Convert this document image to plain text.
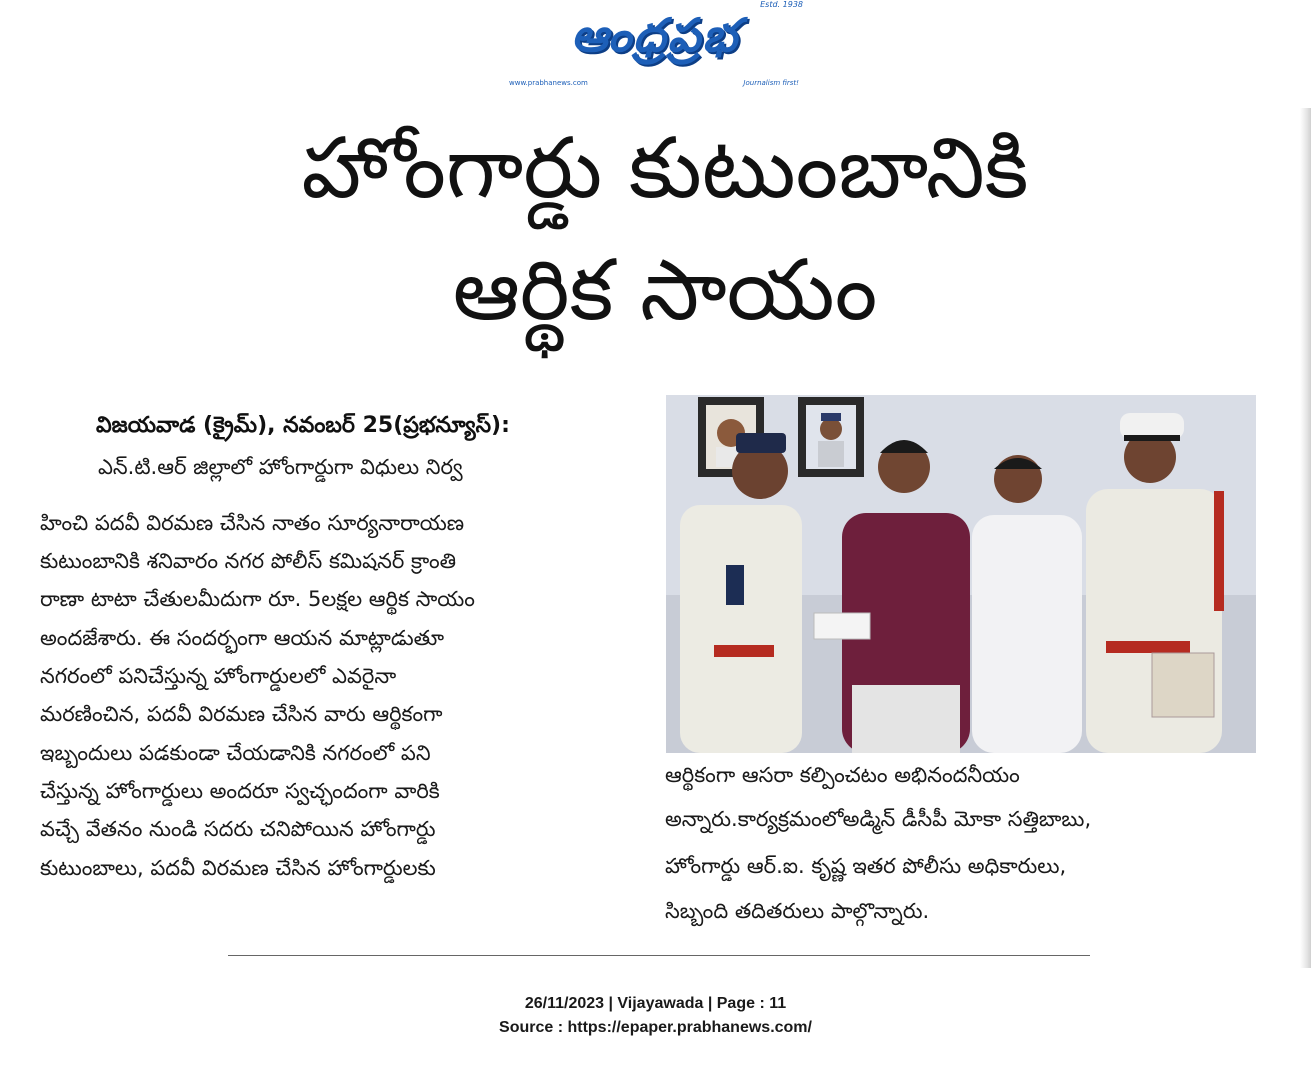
ఆంధ్రప్రభ
Estd. 1938
www.prabhanews.com	Journalism first!
హోంగార్డు కుటుంబానికి
ఆర్థిక సాయం
విజయవాడ (క్రైమ్), నవంబర్ 25(ప్రభన్యూస్):
ఎన్.టి.ఆర్ జిల్లాలో హోంగార్డుగా విధులు నిర్వ
హించి పదవీ విరమణ చేసిన నాతం సూర్యనారాయణ
కుటుంబానికి శనివారం నగర పోలీస్ కమిషనర్ క్రాంతి
రాణా టాటా చేతులమీదుగా రూ. 5లక్షల ఆర్థిక సాయం
అందజేశారు. ఈ సందర్భంగా ఆయన మాట్లాడుతూ
నగరంలో పనిచేస్తున్న హోంగార్డులలో ఎవరైనా
మరణించిన, పదవీ విరమణ చేసిన వారు ఆర్థికంగా
ఇబ్బందులు పడకుండా చేయడానికి నగరంలో పని
చేస్తున్న హోంగార్డులు అందరూ స్వచ్ఛందంగా వారికి
వచ్చే వేతనం నుండి సదరు చనిపోయిన హోంగార్డు
కుటుంబాలు, పదవీ విరమణ చేసిన హోంగార్డులకు
ఆర్థికంగా ఆసరా కల్పించటం అభినందనీయం
అన్నారు.కార్యక్రమంలోఅడ్మిన్ డీసీపీ మోకా సత్తిబాబు,
హోంగార్డు ఆర్.ఐ. కృష్ణ ఇతర పోలీసు అధికారులు,
సిబ్బంది తదితరులు పాల్గొన్నారు.
26/11/2023 | Vijayawada | Page : 11
Source : https://epaper.prabhanews.com/
